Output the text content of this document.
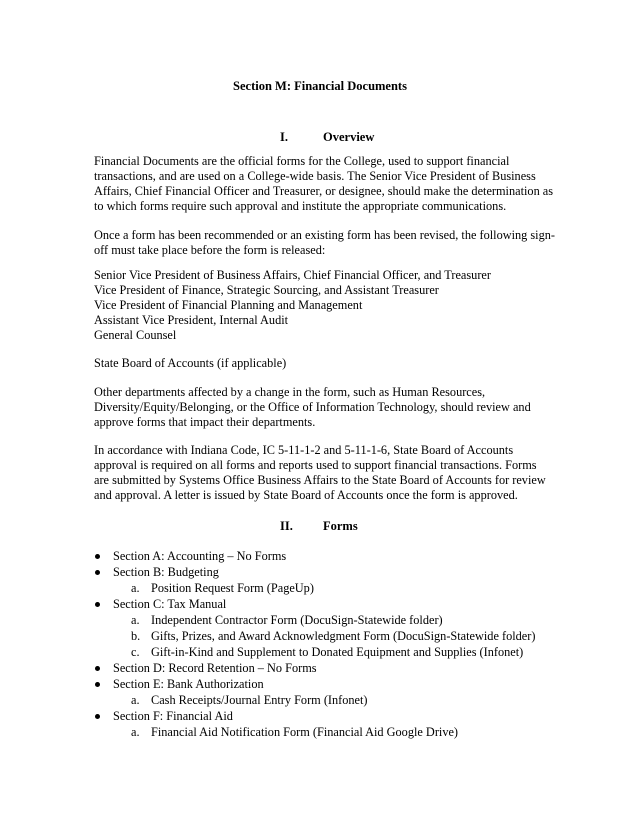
Section M: Financial Documents
I.	Overview
Financial Documents are the official forms for the College, used to support financial
transactions, and are used on a College-wide basis. The Senior Vice President of Business
Affairs, Chief Financial Officer and Treasurer, or designee, should make the determination as
to which forms require such approval and institute the appropriate communications.
Once a form has been recommended or an existing form has been revised, the following sign-
off must take place before the form is released:
Senior Vice President of Business Affairs, Chief Financial Officer, and Treasurer
Vice President of Finance, Strategic Sourcing, and Assistant Treasurer
Vice President of Financial Planning and Management
Assistant Vice President, Internal Audit
General Counsel
State Board of Accounts (if applicable)
Other departments affected by a change in the form, such as Human Resources,
Diversity/Equity/Belonging, or the Office of Information Technology, should review and
approve forms that impact their departments.
In accordance with Indiana Code, IC 5-11-1-2 and 5-11-1-6, State Board of Accounts
approval is required on all forms and reports used to support financial transactions. Forms
are submitted by Systems Office Business Affairs to the State Board of Accounts for review
and approval. A letter is issued by State Board of Accounts once the form is approved.
II. Forms
Section A: Accounting – No Forms
Section B: Budgeting
a. Position Request Form (PageUp)
Section C: Tax Manual
a. Independent Contractor Form (DocuSign-Statewide folder)
b. Gifts, Prizes, and Award Acknowledgment Form (DocuSign-Statewide folder)
c. Gift-in-Kind and Supplement to Donated Equipment and Supplies (Infonet)
Section D: Record Retention – No Forms
Section E: Bank Authorization
a. Cash Receipts/Journal Entry Form (Infonet)
Section F: Financial Aid
a. Financial Aid Notification Form (Financial Aid Google Drive)
